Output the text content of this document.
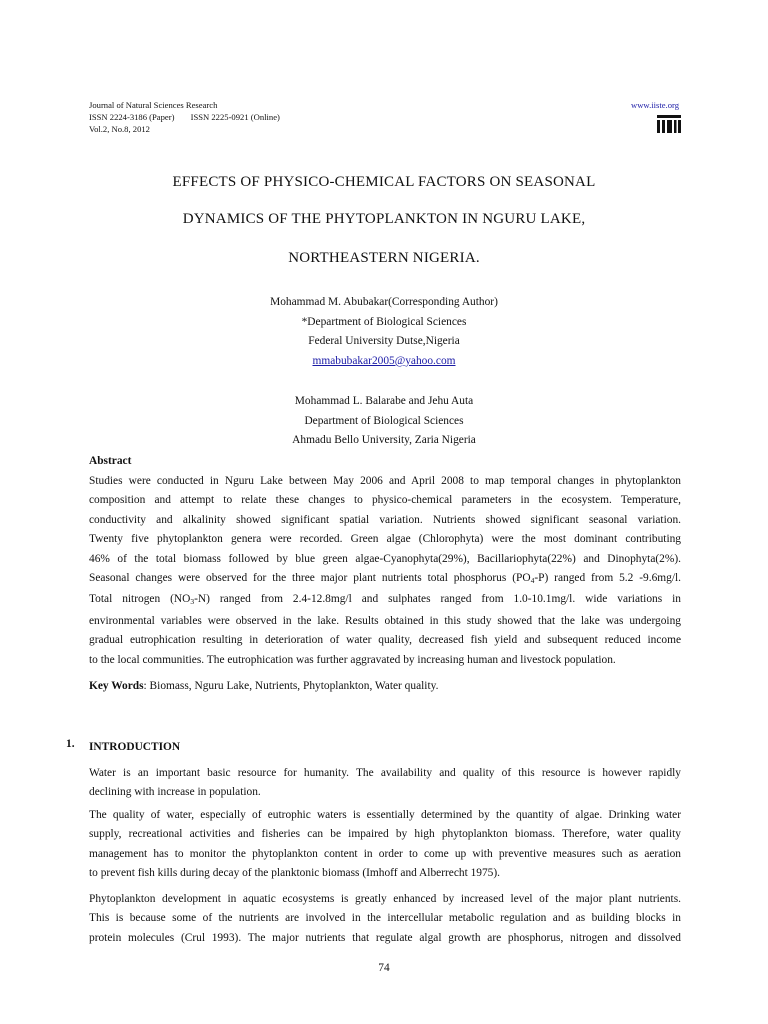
Journal of Natural Sciences Research
ISSN 2224-3186 (Paper) ISSN 2225-0921 (Online)
Vol.2, No.8, 2012
www.iiste.org
EFFECTS OF PHYSICO-CHEMICAL FACTORS ON SEASONAL
DYNAMICS OF THE PHYTOPLANKTON IN NGURU LAKE,
NORTHEASTERN NIGERIA.
Mohammad M. Abubakar(Corresponding Author)
*Department of Biological Sciences
Federal University Dutse,Nigeria
mmabubakar2005@yahoo.com
Mohammad L. Balarabe and Jehu Auta
Department of Biological Sciences
Ahmadu Bello University, Zaria Nigeria
Abstract
Studies were conducted in Nguru Lake between May 2006 and April 2008 to map temporal changes in phytoplankton
composition and attempt to relate these changes to physico-chemical parameters in the ecosystem. Temperature,
conductivity and alkalinity showed significant spatial variation. Nutrients showed significant seasonal variation.
Twenty five phytoplankton genera were recorded. Green algae (Chlorophyta) were the most dominant contributing
46% of the total biomass followed by blue green algae-Cyanophyta(29%), Bacillariophyta(22%) and Dinophyta(2%).
Seasonal changes were observed for the three major plant nutrients total phosphorus $(PO_4-P)$ ranged from 5.2 -9.6mg/l.
Total nitrogen $(NO_3-N)$ ranged from 2.4-12.8mg/l and sulphates ranged from 1.0-10.1mg/l. wide variations in
environmental variables were observed in the lake. Results obtained in this study showed that the lake was undergoing
gradual eutrophication resulting in deterioration of water quality, decreased fish yield and subsequent reduced income
to the local communities. The eutrophication was further aggravated by increasing human and livestock population.
Key Words: Biomass, Nguru Lake, Nutrients, Phytoplankton, Water quality.
1. INTRODUCTION
Water is an important basic resource for humanity. The availability and quality of this resource is however rapidly
declining with increase in population.
The quality of water, especially of eutrophic waters is essentially determined by the quantity of algae. Drinking water
supply, recreational activities and fisheries can be impaired by high phytoplankton biomass. Therefore, water quality
management has to monitor the phytoplankton content in order to come up with preventive measures such as aeration
to prevent fish kills during decay of the planktonic biomass (Imhoff and Alberrecht 1975).
Phytoplankton development in aquatic ecosystems is greatly enhanced by increased level of the major plant nutrients.
This is because some of the nutrients are involved in the intercellular metabolic regulation and as building blocks in
protein molecules (Crul 1993). The major nutrients that regulate algal growth are phosphorus, nitrogen and dissolved
74
